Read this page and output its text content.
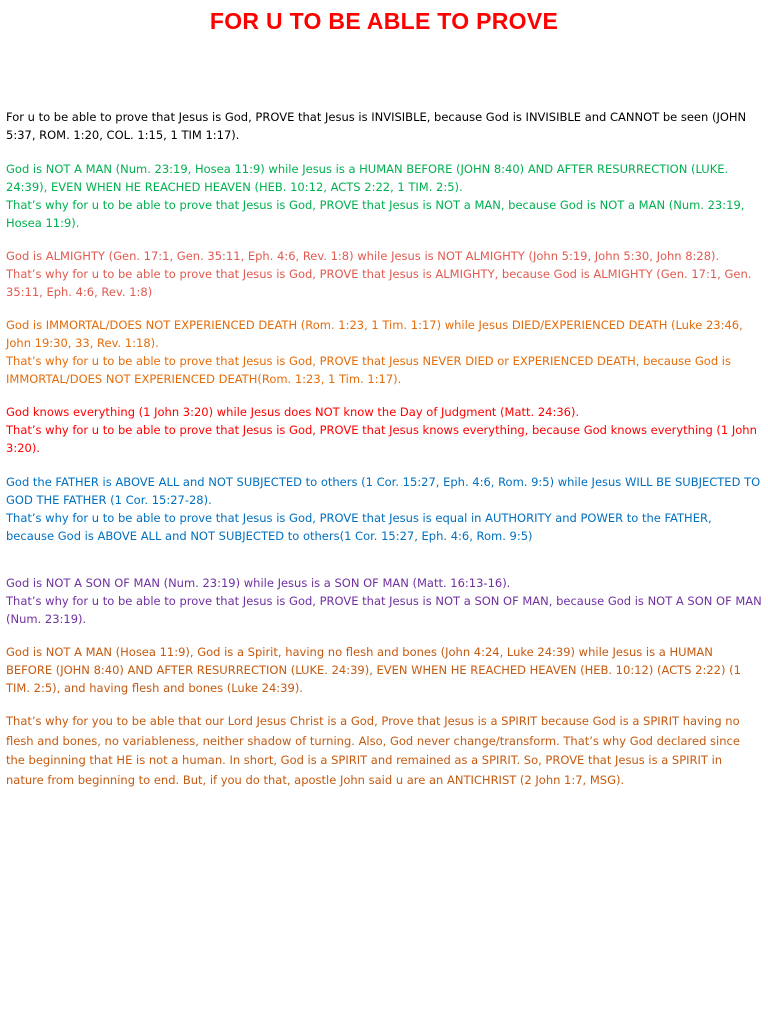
FOR U TO BE ABLE TO PROVE

For u to be able to prove that Jesus is God, PROVE that Jesus is INVISIBLE, because God is INVISIBLE and CANNOT be seen (JOHN 5:37, ROM. 1:20, COL. 1:15, 1 TIM 1:17).

God is NOT A MAN (Num. 23:19, Hosea 11:9) while Jesus is a HUMAN BEFORE (JOHN 8:40) AND AFTER RESURRECTION (LUKE. 24:39), EVEN WHEN HE REACHED HEAVEN (HEB. 10:12, ACTS 2:22, 1 TIM. 2:5).

That’s why for u to be able to prove that Jesus is God, PROVE that Jesus is NOT a MAN, because God is NOT a MAN (Num. 23:19, Hosea 11:9).

God is ALMIGHTY (Gen. 17:1, Gen. 35:11, Eph. 4:6, Rev. 1:8) while Jesus is NOT ALMIGHTY (John 5:19, John 5:30, John 8:28).

That’s why for u to be able to prove that Jesus is God, PROVE that Jesus is ALMIGHTY, because God is ALMIGHTY (Gen. 17:1, Gen. 35:11, Eph. 4:6, Rev. 1:8)

God is IMMORTAL/DOES NOT EXPERIENCED DEATH (Rom. 1:23, 1 Tim. 1:17) while Jesus DIED/EXPERIENCED DEATH (Luke 23:46, John 19:30, 33, Rev. 1:18).

That’s why for u to be able to prove that Jesus is God, PROVE that Jesus NEVER DIED or EXPERIENCED DEATH, because God is IMMORTAL/DOES NOT EXPERIENCED DEATH(Rom. 1:23, 1 Tim. 1:17).

God knows everything (1 John 3:20) while Jesus does NOT know the Day of Judgment (Matt. 24:36).

That’s why for u to be able to prove that Jesus is God, PROVE that Jesus knows everything, because God knows everything (1 John 3:20).

God the FATHER is ABOVE ALL and NOT SUBJECTED to others (1 Cor. 15:27, Eph. 4:6, Rom. 9:5) while Jesus WILL BE SUBJECTED TO GOD THE FATHER (1 Cor. 15:27-28).

That’s why for u to be able to prove that Jesus is God, PROVE that Jesus is equal in AUTHORITY and POWER to the FATHER, because God is ABOVE ALL and NOT SUBJECTED to others(1 Cor. 15:27, Eph. 4:6, Rom. 9:5)

God is NOT A SON OF MAN (Num. 23:19) while Jesus is a SON OF MAN (Matt. 16:13-16).

That’s why for u to be able to prove that Jesus is God, PROVE that Jesus is NOT a SON OF MAN, because God is NOT A SON OF MAN (Num. 23:19).

God is NOT A MAN (Hosea 11:9), God is a Spirit, having no flesh and bones (John 4:24, Luke 24:39) while Jesus is a HUMAN BEFORE (JOHN 8:40) AND AFTER RESURRECTION (LUKE. 24:39), EVEN WHEN HE REACHED HEAVEN (HEB. 10:12) (ACTS 2:22) (1 TIM. 2:5), and having flesh and bones (Luke 24:39).

That’s why for you to be able that our Lord Jesus Christ is a God, Prove that Jesus is a SPIRIT because God is a SPIRIT having no flesh and bones, no variableness, neither shadow of turning. Also, God never change/transform. That’s why God declared since the beginning that HE is not a human. In short, God is a SPIRIT and remained as a SPIRIT. So, PROVE that Jesus is a SPIRIT in nature from beginning to end. But, if you do that, apostle John said u are an ANTICHRIST (2 John 1:7, MSG).
